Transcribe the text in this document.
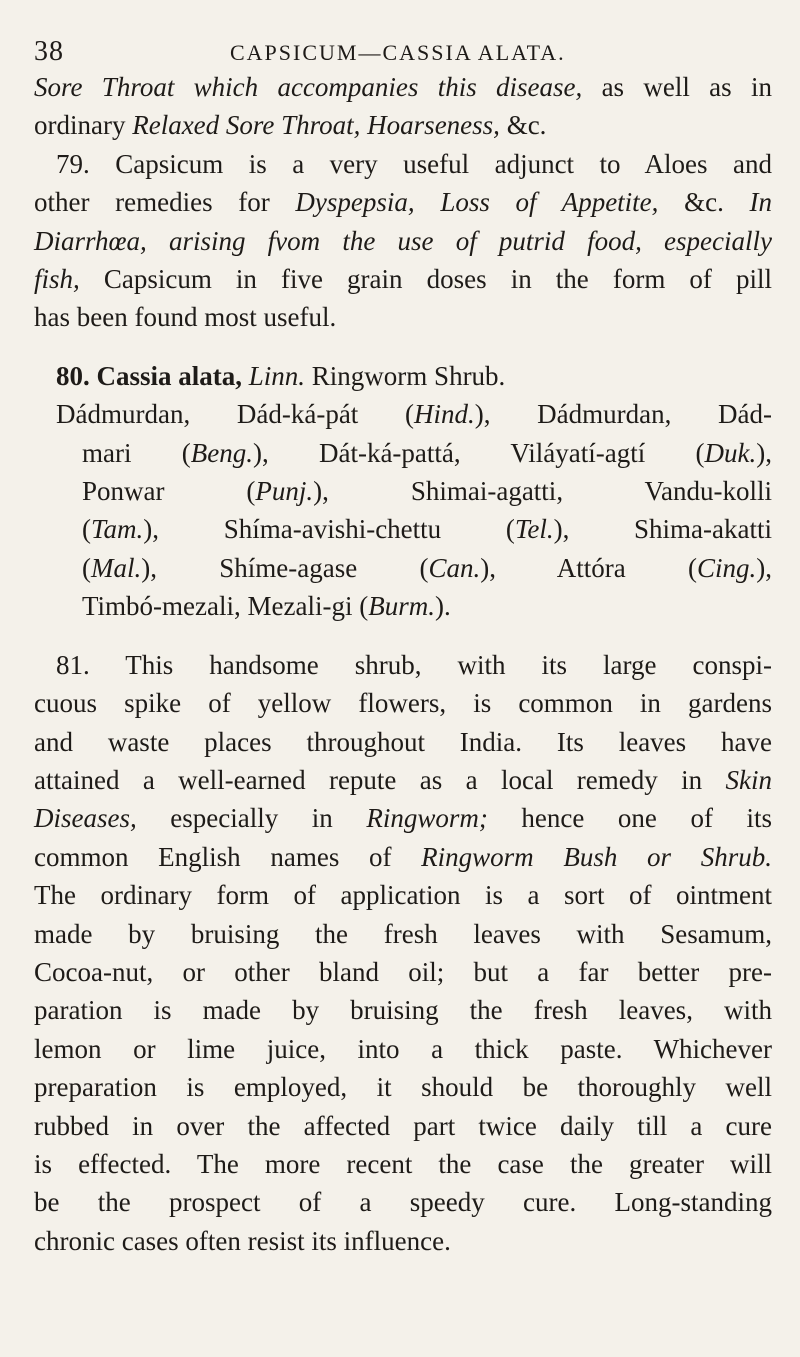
38	CAPSICUM—CASSIA ALATA.
Sore Throat which accompanies this disease, as well as in
ordinary Relaxed Sore Throat, Hoarseness, &c.
79. Capsicum is a very useful adjunct to Aloes and
other remedies for Dyspepsia, Loss of Appetite, &c. In
Diarrhœa, arising fvom the use of putrid food, especially
fish, Capsicum in five grain doses in the form of pill
has been found most useful.
80. Cassia alata, Linn. Ringworm Shrub.
Dádmurdan, Dád-ká-pát (Hind.), Dádmurdan, Dád-
mari (Beng.), Dát-ká-pattá, Viláyatí-agtí (Duk.),
Ponwar (Punj.), Shimai-agatti, Vandu-kolli
(Tam.), Shíma-avishi-chettu (Tel.), Shima-akatti
(Mal.), Shíme-agase (Can.), Attóra (Cing.),
Timbó-mezali, Mezali-gi (Burm.).
81. This handsome shrub, with its large conspi-
cuous spike of yellow flowers, is common in gardens
and waste places throughout India. Its leaves have
attained a well-earned repute as a local remedy in Skin
Diseases, especially in Ringworm; hence one of its
common English names of Ringworm Bush or Shrub.
The ordinary form of application is a sort of ointment
made by bruising the fresh leaves with Sesamum,
Cocoa-nut, or other bland oil; but a far better pre-
paration is made by bruising the fresh leaves, with
lemon or lime juice, into a thick paste. Whichever
preparation is employed, it should be thoroughly well
rubbed in over the affected part twice daily till a cure
is effected. The more recent the case the greater will
be the prospect of a speedy cure. Long-standing
chronic cases often resist its influence.
